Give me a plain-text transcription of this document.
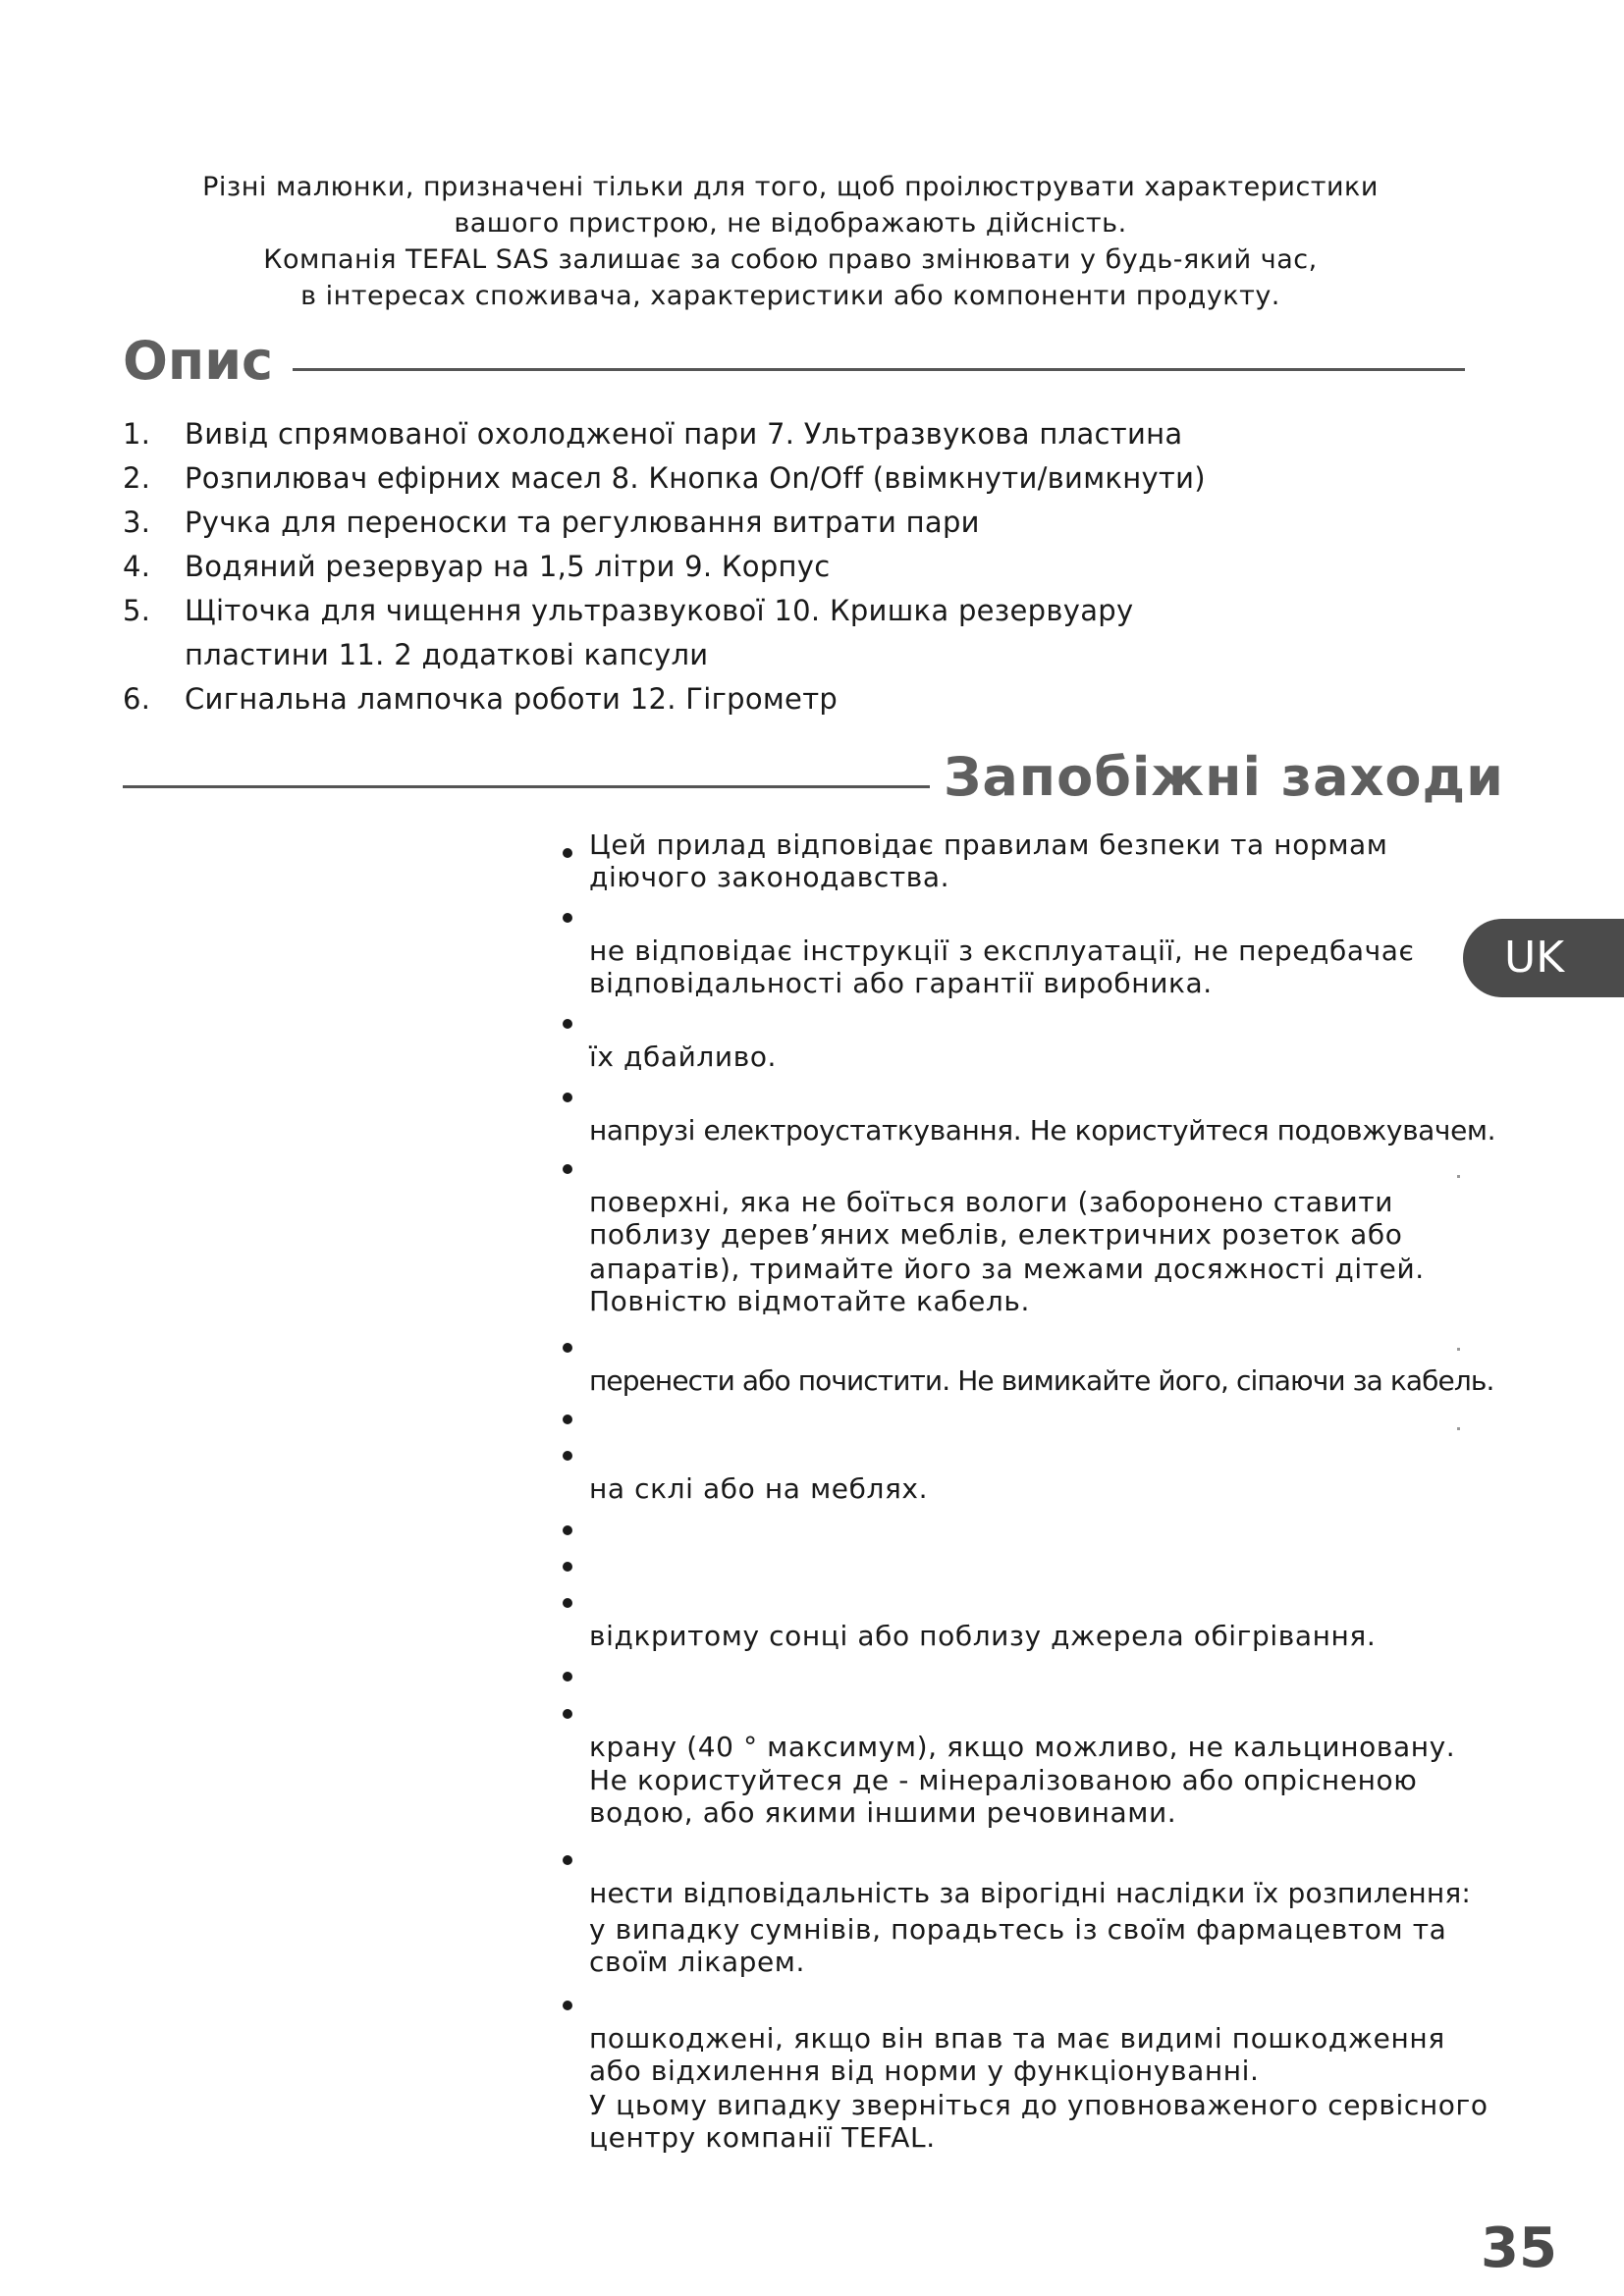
Різні малюнки, призначені тільки для того, щоб проілюструвати характеристики
вашого пристрою, не відображають дійсність.
Компанія TEFAL SAS залишає за собою право змінювати у будь-який час,
в інтересах споживача, характеристики або компоненти продукту.
Опис
1. Вивід спрямованої охолодженої пари 7. Ультразвукова пластина
2. Розпилювач ефірних масел 8. Кнопка On/Off (ввімкнути/вимкнути)
3. Ручка для переноски та регулювання витрати пари
4. Водяний резервуар на 1,5 літри 9. Корпус
5. Щіточка для чищення ультразвукової 10. Кришка резервуару
пластини 11. 2 додаткові капсули
6. Сигнальна лампочка роботи 12. Гігрометр
Запобіжні заходи
UK
Цей прилад відповідає правилам безпеки та нормам
діючого законодавства.
не відповідає інструкції з експлуатації, не передбачає
відповідальності або гарантії виробника.
їх дбайливо.
напрузі електроустаткування. Не користуйтеся подовжувачем.
поверхні, яка не боїться вологи (заборонено ставити
поблизу дерев’яних меблів, електричних розеток або
апаратів), тримайте його за межами досяжності дітей.
Повністю відмотайте кабель.
перенести або почистити. Не вимикайте його, сіпаючи за кабель.
на склі або на меблях.
відкритому сонці або поблизу джерела обігрівання.
крану (40 ° максимум), якщо можливо, не кальциновану.
Не користуйтеся де - мінералізованою або опрісненою
водою, або якими іншими речовинами.
нести відповідальність за вірогідні наслідки їх розпилення:
у випадку сумнівів, порадьтесь із своїм фармацевтом та
своїм лікарем.
пошкоджені, якщо він впав та має видимі пошкодження
або відхилення від норми у функціонуванні.
У цьому випадку зверніться до уповноваженого сервісного
центру компанії TEFAL.
35
